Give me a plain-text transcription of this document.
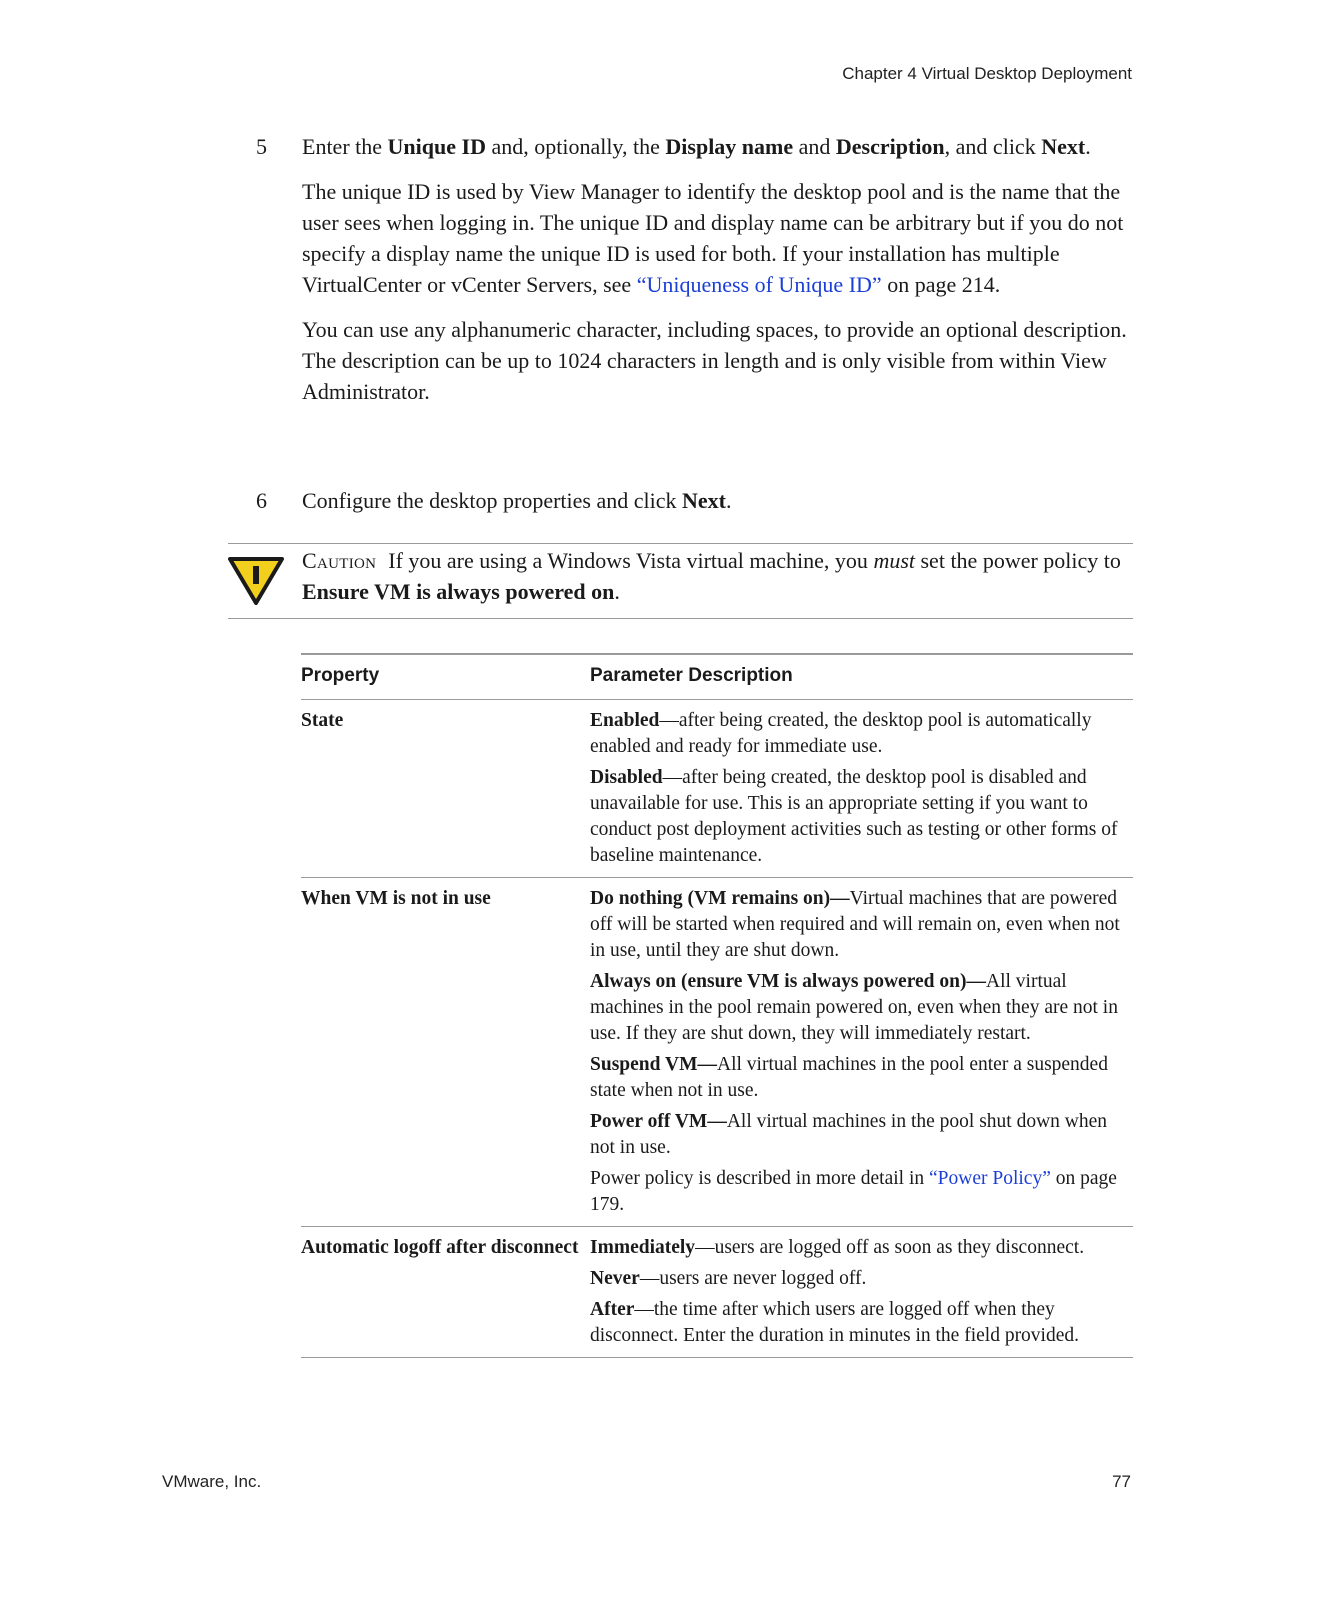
Chapter 4 Virtual Desktop Deployment
5	Enter the Unique ID and, optionally, the Display name and Description, and click Next.

The unique ID is used by View Manager to identify the desktop pool and is the name that the user sees when logging in. The unique ID and display name can be arbitrary but if you do not specify a display name the unique ID is used for both. If your installation has multiple VirtualCenter or vCenter Servers, see “Uniqueness of Unique ID” on page 214.

You can use any alphanumeric character, including spaces, to provide an optional description. The description can be up to 1024 characters in length and is only visible from within View Administrator.

6	Configure the desktop properties and click Next.

Caution If you are using a Windows Vista virtual machine, you must set the power policy to Ensure VM is always powered on.
Property	Parameter Description
State	Enabled—after being created, the desktop pool is automatically enabled and ready for immediate use.

Disabled—after being created, the desktop pool is disabled and unavailable for use. This is an appropriate setting if you want to conduct post deployment activities such as testing or other forms of baseline maintenance.

When VM is not in use	Do nothing (VM remains on)—Virtual machines that are powered off will be started when required and will remain on, even when not in use, until they are shut down.

Always on (ensure VM is always powered on)—All virtual machines in the pool remain powered on, even when they are not in use. If they are shut down, they will immediately restart.

Suspend VM—All virtual machines in the pool enter a suspended state when not in use.

Power off VM—All virtual machines in the pool shut down when not in use.

Power policy is described in more detail in “Power Policy” on page 179.

Automatic logoff after disconnect	Immediately—users are logged off as soon as they disconnect.

Never—users are never logged off.

After—the time after which users are logged off when they disconnect. Enter the duration in minutes in the field provided.

VMware, Inc.	77
